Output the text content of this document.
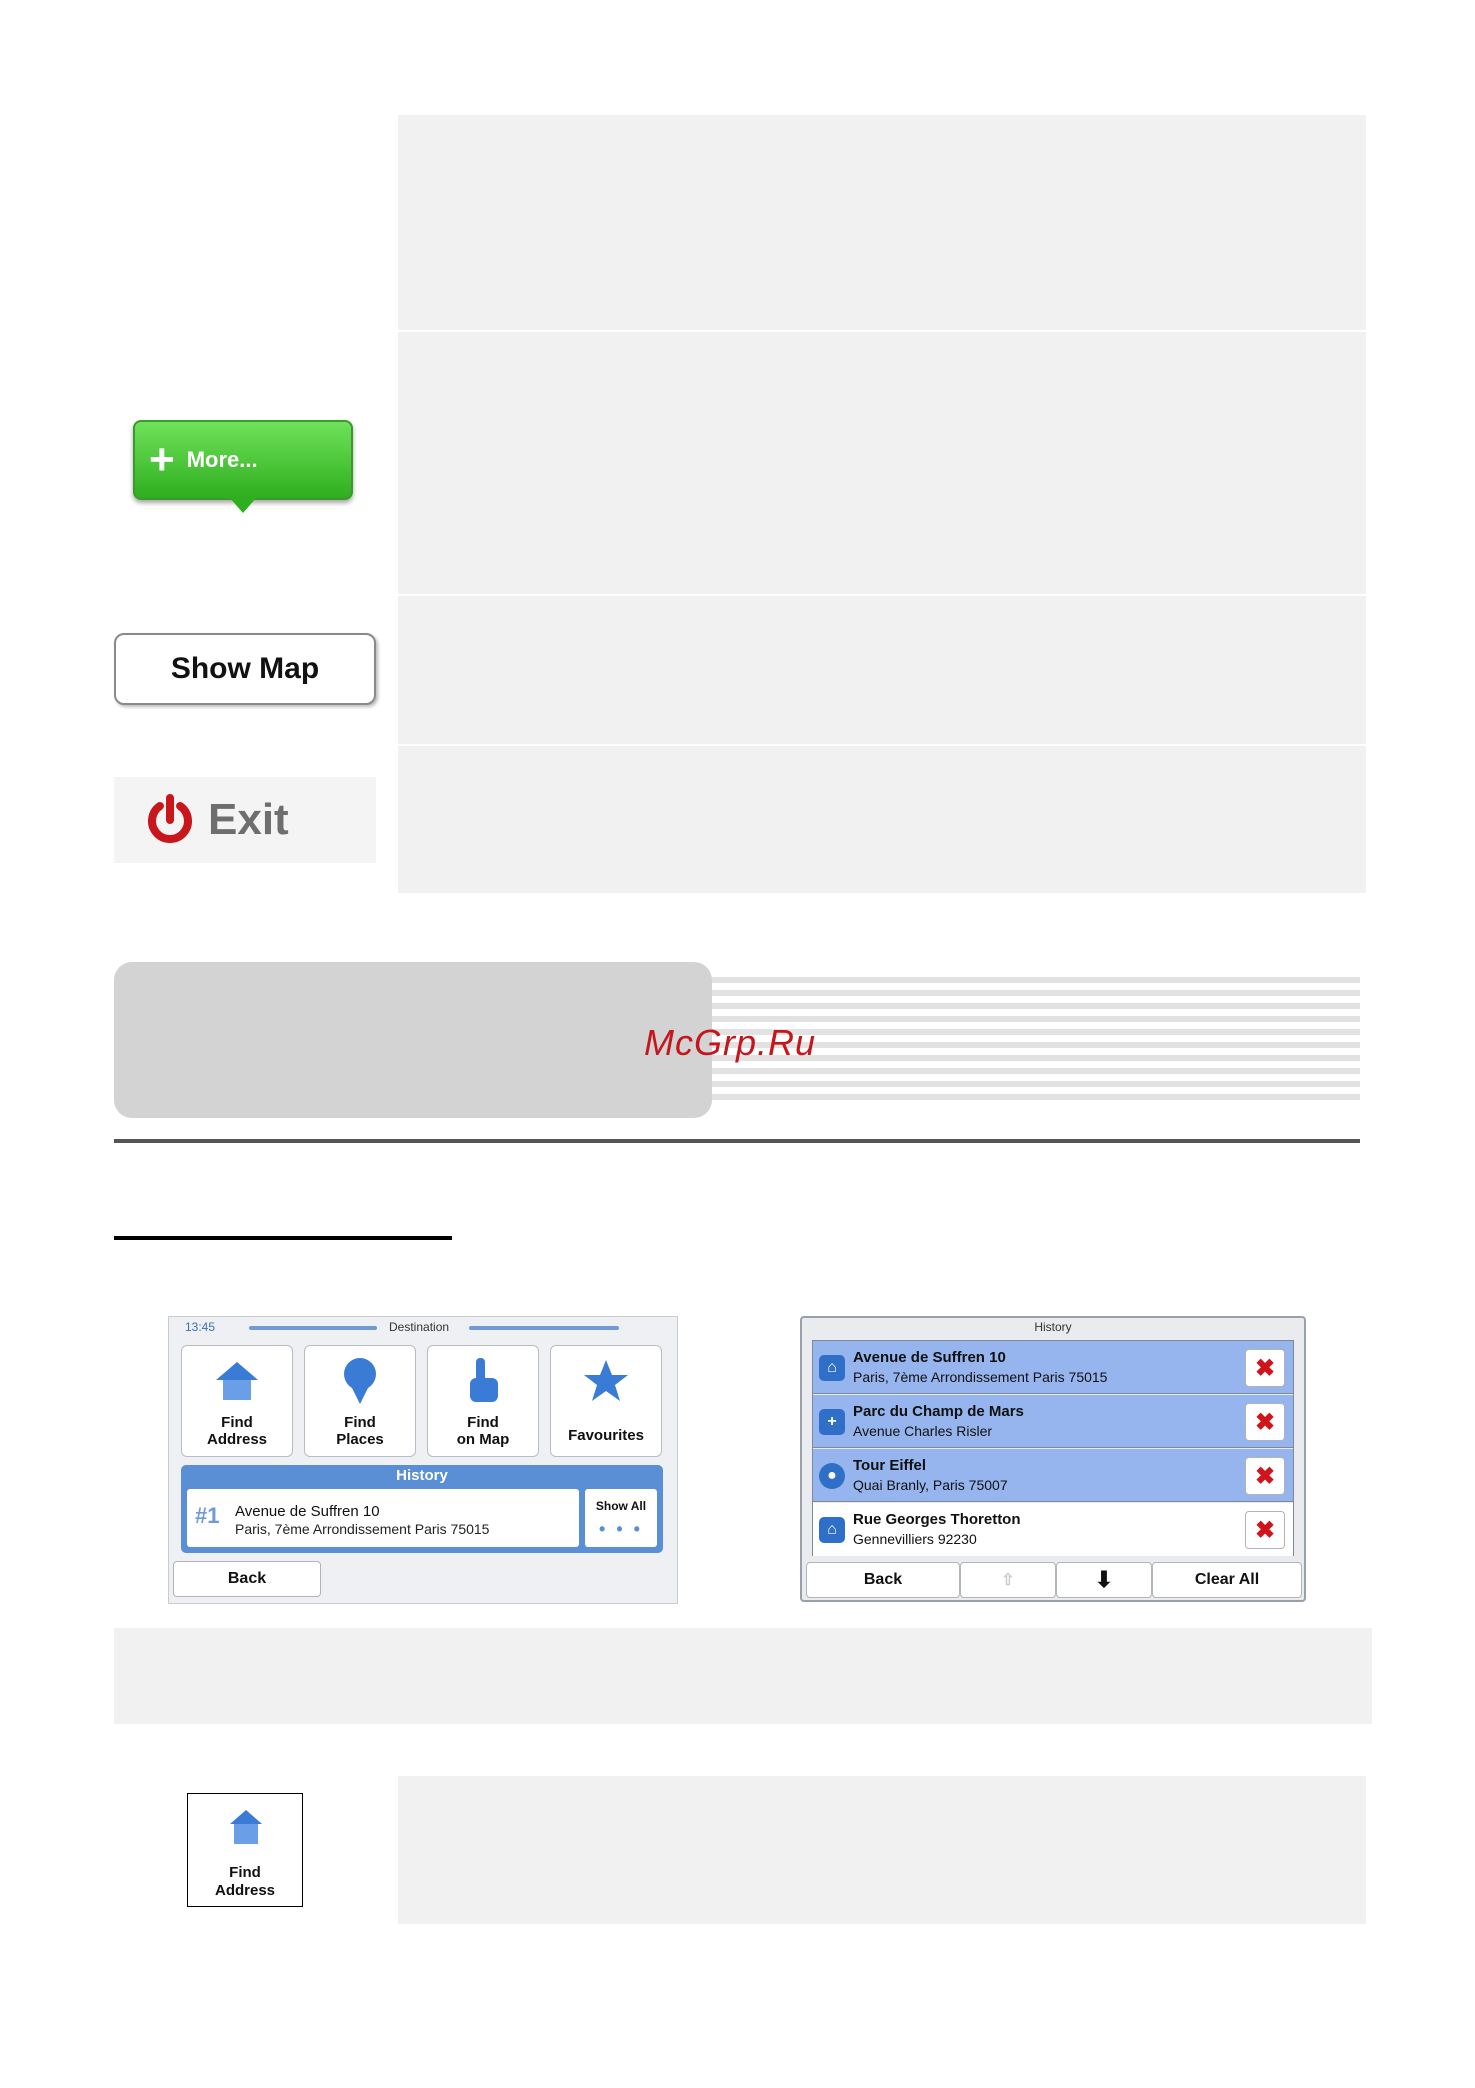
+ More...
Show Map
Exit
McGrp.Ru
13:45	Destination
Find
Address
Find
Places
Find
on Map	Favourites
History
#1 Avenue de Suffren 10
Paris, 7ème Arrondissement Paris 75015
Show All
• • •
Back
History
⌂
Avenue de Suffren 10
Paris, 7ème Arrondissement Paris 75015	✖
+
Parc du Champ de Mars
Avenue Charles Risler	✖
●
Tour Eiffel
Quai Branly, Paris 75007	✖
⌂
Rue Georges Thoretton
Gennevilliers 92230	✖
Back	⇧	⬇	Clear All
Find
Address
